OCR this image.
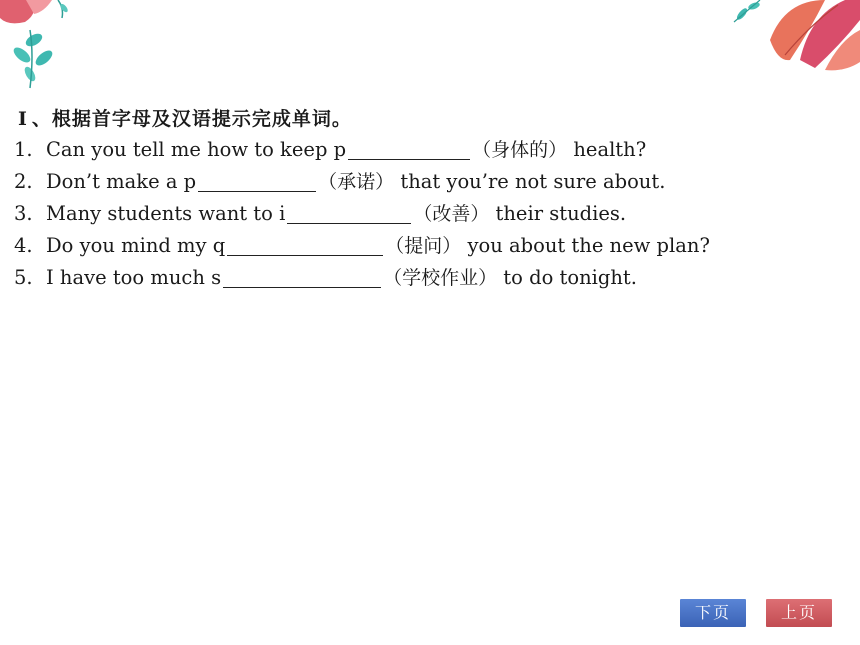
I 、根据首字母及汉语提示完成单词。
1. Can you tell me how to keep p	（身体的） health?
2. Don’t make a p	（承诺） that you’re not sure about.
3. Many students want to i	（改善） their studies.
4. Do you mind my q	（提问） you about the new plan?
5. I have too much s	（学校作业） to do tonight.
下页	上页
